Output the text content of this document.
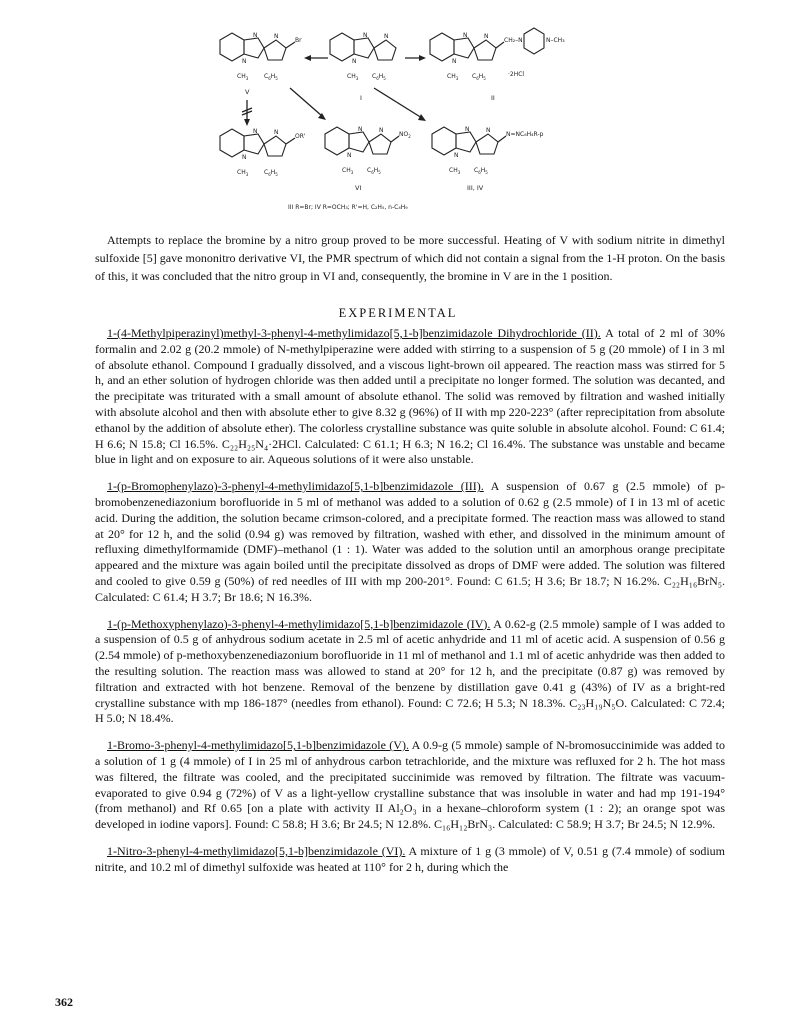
N
N
N
Br
$CH_3$	$C_6H_5$	$CH_3$ $C_6H_5$
CH₂–N	N–CH₃
$CH_3$ $C_6H_5$
·2HCl
V
I	II
OR'
$CH_3$	$C_6H_5$
$NO_2$
$CH_3$ $C_6H_5$
N=NC₆H₄R-p
$CH_3$ $C_6H_5$
VI	III, IV
III R=Br; IV R=OCH₃; R'=H, C₂H₅, n-C₄H₉

Attempts to replace the bromine by a nitro group proved to be more successful. Heating of V with sodium nitrite in dimethyl sulfoxide [5] gave mononitro derivative VI, the PMR spectrum of which did not contain a signal from the 1-H proton. On the basis of this, it was concluded that the nitro group in VI and, consequently, the bromine in V are in the 1 position.

EXPERIMENTAL

1-(4-Methylpiperazinyl)methyl-3-phenyl-4-methylimidazo[5,1-b]benzimidazole Dihydrochloride (II). A total of 2 ml of 30% formalin and 2.02 g (20.2 mmole) of N-methylpiperazine were added with stirring to a suspension of 5 g (20 mmole) of I in 3 ml of absolute ethanol. Compound I gradually dissolved, and a viscous light-brown oil appeared. The reaction mass was stirred for 5 h, and an ether solution of hydrogen chloride was then added until a precipitate no longer formed. The solution was decanted, and the precipitate was triturated with a small amount of absolute ethanol. The solid was removed by filtration and washed initially with absolute alcohol and then with absolute ether to give 8.32 g (96%) of II with mp 220-223° (after reprecipitation from absolute ethanol by the addition of absolute ether). The colorless crystalline substance was quite soluble in absolute alcohol. Found: C 61.4; H 6.6; N 15.8; Cl 16.5%. C₂₂H₂₅N₄·2HCl. Calculated: C 61.1; H 6.3; N 16.2; Cl 16.4%. The substance was unstable and became blue in light and on exposure to air. Aqueous solutions of it were also unstable.

1-(p-Bromophenylazo)-3-phenyl-4-methylimidazo[5,1-b]benzimidazole (III). A suspension of 0.67 g (2.5 mmole) of p-bromobenzenediazonium borofluoride in 5 ml of methanol was added to a solution of 0.62 g (2.5 mmole) of I in 13 ml of acetic acid. During the addition, the solution became crimson-colored, and a precipitate formed. The reaction mass was allowed to stand at 20° for 12 h, and the solid (0.94 g) was removed by filtration, washed with ether, and dissolved in the minimum amount of refluxing dimethylformamide (DMF)–methanol (1 : 1). Water was added to the solution until an amorphous orange precipitate appeared and the mixture was again boiled until the precipitate dissolved as drops of DMF were added. The solution was filtered and cooled to give 0.59 g (50%) of red needles of III with mp 200-201°. Found: C 61.5; H 3.6; Br 18.7; N 16.2%. C₂₂H₁₆BrN₅. Calculated: C 61.4; H 3.7; Br 18.6; N 16.3%.

1-(p-Methoxyphenylazo)-3-phenyl-4-methylimidazo[5,1-b]benzimidazole (IV). A 0.62-g (2.5 mmole) sample of I was added to a suspension of 0.5 g of anhydrous sodium acetate in 2.5 ml of acetic anhydride and 11 ml of acetic acid. A suspension of 0.56 g (2.54 mmole) of p-methoxybenzenediazonium borofluoride in 11 ml of methanol and 1.1 ml of acetic anhydride was then added to the resulting solution. The reaction mass was allowed to stand at 20° for 12 h, and the precipitate (0.87 g) was removed by filtration and extracted with hot benzene. Removal of the benzene by distillation gave 0.41 g (43%) of IV as a bright-red crystalline substance with mp 186-187° (needles from ethanol). Found: C 72.6; H 5.3; N 18.3%. C₂₃H₁₉N₅O. Calculated: C 72.4; H 5.0; N 18.4%.

1-Bromo-3-phenyl-4-methylimidazo[5,1-b]benzimidazole (V). A 0.9-g (5 mmole) sample of N-bromosuccinimide was added to a solution of 1 g (4 mmole) of I in 25 ml of anhydrous carbon tetrachloride, and the mixture was refluxed for 2 h. The hot mass was filtered, the filtrate was cooled, and the precipitated succinimide was removed by filtration. The filtrate was vacuum-evaporated to give 0.94 g (72%) of V as a light-yellow crystalline substance that was insoluble in water and had mp 191-194° (from methanol) and Rf 0.65 [on a plate with activity II Al₂O₃ in a hexane–chloroform system (1 : 2); an orange spot was developed in iodine vapors]. Found: C 58.8; H 3.6; Br 24.5; N 12.8%. C₁₆H₁₂BrN₃. Calculated: C 58.9; H 3.7; Br 24.5; N 12.9%.

1-Nitro-3-phenyl-4-methylimidazo[5,1-b]benzimidazole (VI). A mixture of 1 g (3 mmole) of V, 0.51 g (7.4 mmole) of sodium nitrite, and 10.2 ml of dimethyl sulfoxide was heated at 110° for 2 h, during which the

362
